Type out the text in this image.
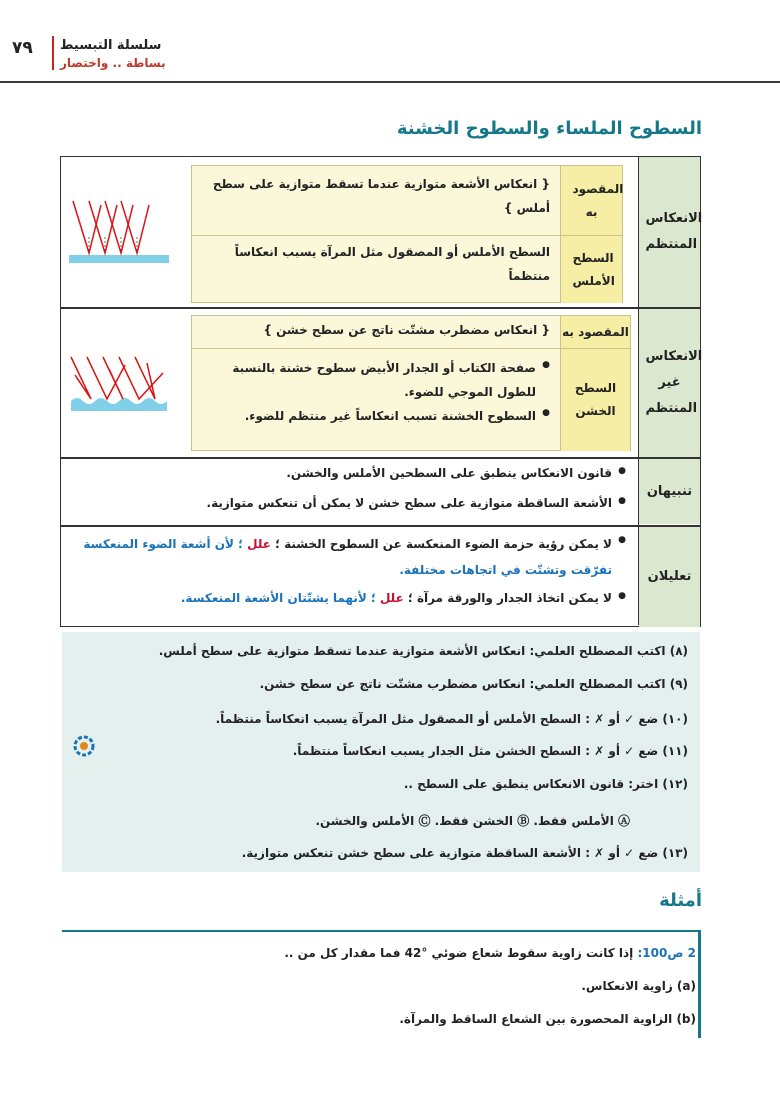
٧٩ سلسلة التبسيط
بساطة .. واختصار
السطوح الملساء والسطوح الخشنة
الانعكاس المنتظم
المقصود به
السطح الأملس
{ انعكاس الأشعة متوازية عندما تسقط متوازية على سطح أملس }
السطح الأملس أو المصقول مثل المرآة يسبب انعكاساً منتظماً
الانعكاس غير المنتظم
المقصود به
السطح الخشن
{ انعكاس مضطرب مشتّت ناتج عن سطح خشن }
● صفحة الكتاب أو الجدار الأبيض سطوح خشنة بالنسبة للطول الموجي للضوء.
● السطوح الخشنة تسبب انعكاساً غير منتظم للضوء.
تنبيهان
● قانون الانعكاس ينطبق على السطحين الأملس والخشن.
● الأشعة الساقطة متوازية على سطح خشن لا يمكن أن تنعكس متوازية.
تعليلان
● لا يمكن رؤية حزمة الضوء المنعكسة عن السطوح الخشنة ؛ علل ؛ لأن أشعة الضوء المنعكسة تفرّقت وتشتّت في اتجاهات مختلفة.
● لا يمكن اتخاذ الجدار والورقة مرآة ؛ علل ؛ لأنهما يشتّتان الأشعة المنعكسة.
(٨) اكتب المصطلح العلمي: انعكاس الأشعة متوازية عندما تسقط متوازية على سطح أملس.
(٩) اكتب المصطلح العلمي: انعكاس مضطرب مشتّت ناتج عن سطح خشن.
(١٠) ضع ✓ أو ✗ : السطح الأملس أو المصقول مثل المرآة يسبب انعكاساً منتظماً.
(١١) ضع ✓ أو ✗ : السطح الخشن مثل الجدار يسبب انعكاساً منتظماً.
(١٢) اختر: قانون الانعكاس ينطبق على السطح ..
Ⓐ الأملس فقط. Ⓑ الخشن فقط. Ⓒ الأملس والخشن.
(١٣) ضع ✓ أو ✗ : الأشعة الساقطة متوازية على سطح خشن تنعكس متوازية.
أمثلة
2 ص100: إذا كانت زاوية سقوط شعاع ضوئي °42 فما مقدار كل من ..
(a) زاوية الانعكاس.
(b) الزاوية المحصورة بين الشعاع الساقط والمرآة.
